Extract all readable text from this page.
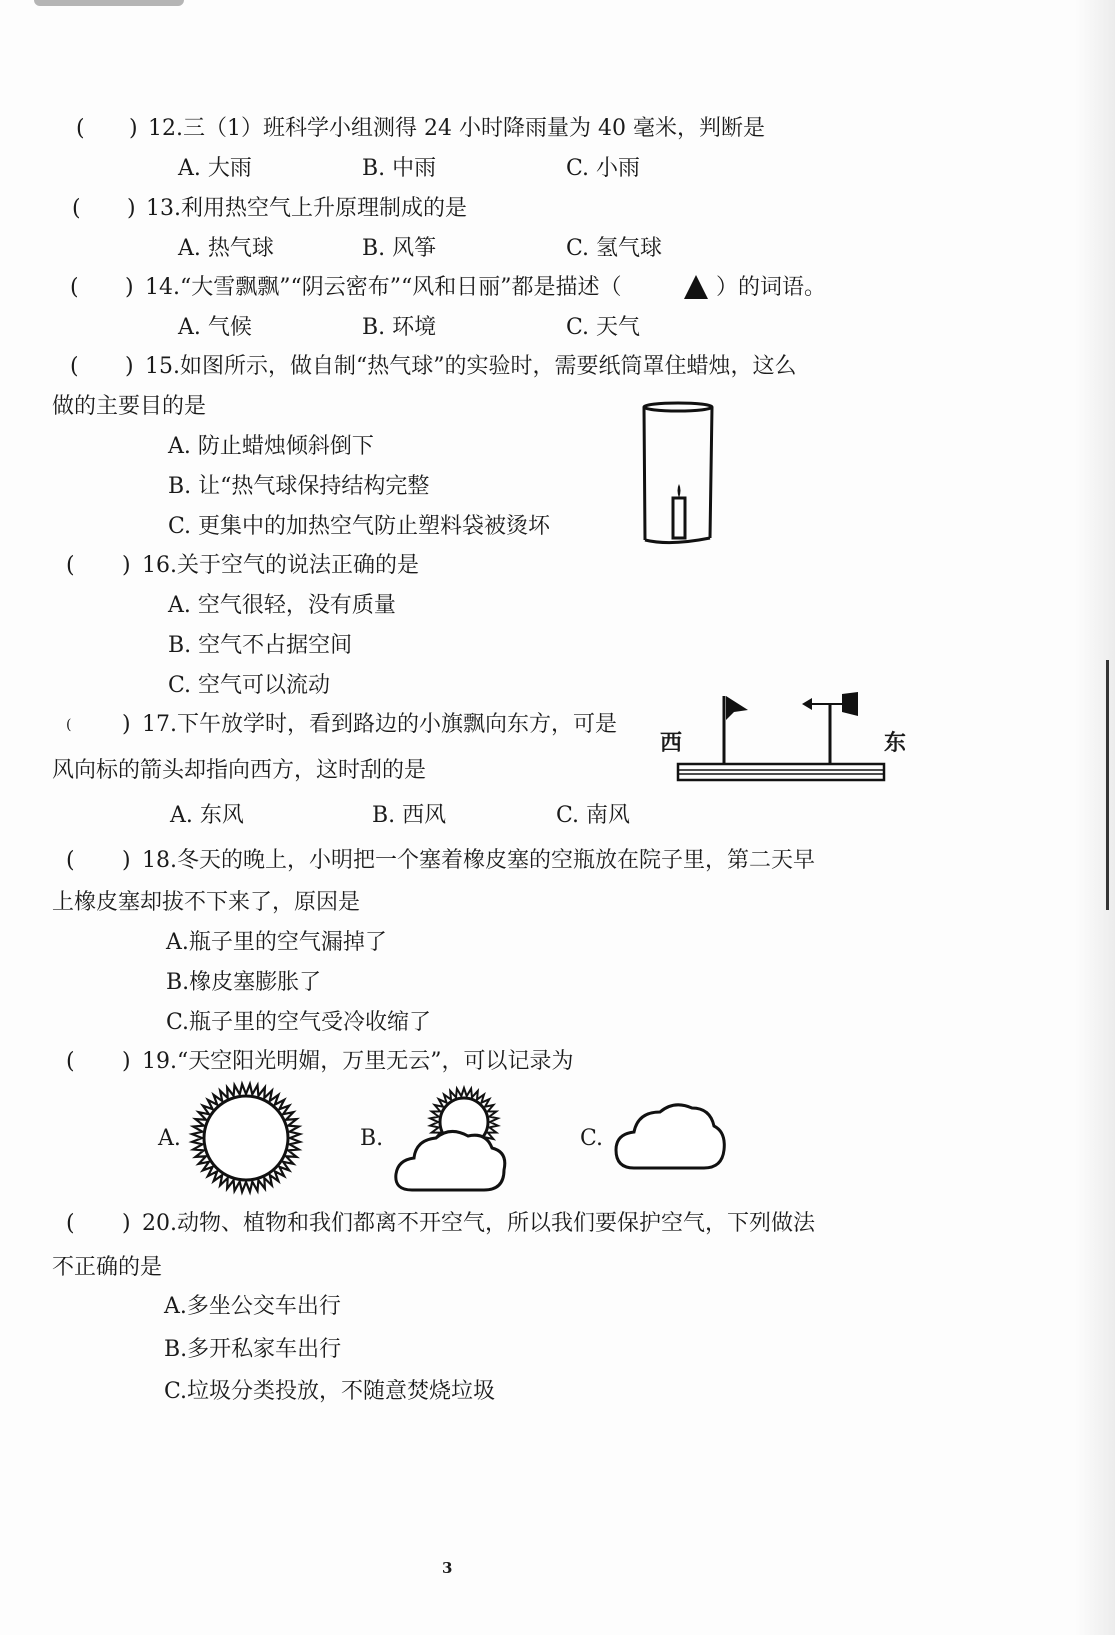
( ) 12.三（1）班科学小组测得 24 小时降雨量为 40 毫米，判断是
A. 大雨	B. 中雨	C. 小雨
( ) 13.利用热空气上升原理制成的是
A. 热气球	B. 风筝	C. 氢气球
( ) 14.“大雪飘飘”“阴云密布”“风和日丽”都是描述（	）的词语。
A. 气候	B. 环境	C. 天气
( ) 15.如图所示，做自制“热气球”的实验时，需要纸筒罩住蜡烛，这么
做的主要目的是
A. 防止蜡烛倾斜倒下
B. 让“热气球保持结构完整
C. 更集中的加热空气防止塑料袋被烫坏
( ) 16.关于空气的说法正确的是
A. 空气很轻，没有质量
B. 空气不占据空间
C. 空气可以流动
( ) 17.下午放学时，看到路边的小旗飘向东方，可是
风向标的箭头却指向西方，这时刮的是
A. 东风	B. 西风	C. 南风
西	东
( ) 18.冬天的晚上，小明把一个塞着橡皮塞的空瓶放在院子里，第二天早
上橡皮塞却拔不下来了，原因是
A.瓶子里的空气漏掉了
B.橡皮塞膨胀了
C.瓶子里的空气受冷收缩了
( ) 19.“天空阳光明媚，万里无云”，可以记录为
A.	B.	C.
( ) 20.动物、植物和我们都离不开空气，所以我们要保护空气，下列做法
不正确的是
A.多坐公交车出行
B.多开私家车出行
C.垃圾分类投放，不随意焚烧垃圾
3
